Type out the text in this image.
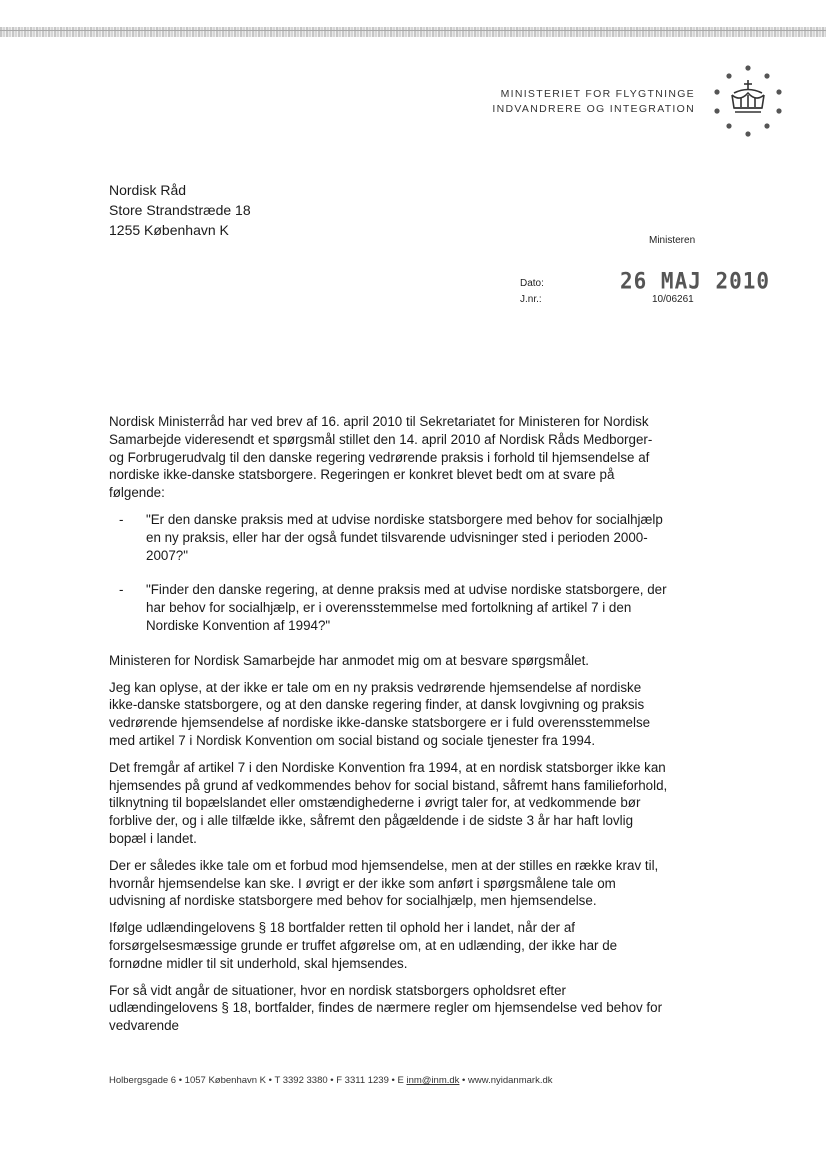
MINISTERIET FOR FLYGTNINGE
INDVANDRERE OG INTEGRATION
Nordisk Råd
Store Strandstræde 18
1255 København K
Ministeren
Dato:	26 MAJ 2010
J.nr.:	10/06261

Nordisk Ministerråd har ved brev af 16. april 2010 til Sekretariatet for Ministeren for Nordisk Samarbejde videresendt et spørgsmål stillet den 14. april 2010 af Nordisk Råds Medborger- og Forbrugerudvalg til den danske regering vedrørende praksis i forhold til hjemsendelse af nordiske ikke-danske statsborgere. Regeringen er konkret blevet bedt om at svare på følgende:

- "Er den danske praksis med at udvise nordiske statsborgere med behov for socialhjælp en ny praksis, eller har der også fundet tilsvarende udvisninger sted i perioden 2000-2007?"
- "Finder den danske regering, at denne praksis med at udvise nordiske statsborgere, der har behov for socialhjælp, er i overensstemmelse med fortolkning af artikel 7 i den Nordiske Konvention af 1994?"

Ministeren for Nordisk Samarbejde har anmodet mig om at besvare spørgsmålet.

Jeg kan oplyse, at der ikke er tale om en ny praksis vedrørende hjemsendelse af nordiske ikke-danske statsborgere, og at den danske regering finder, at dansk lovgivning og praksis vedrørende hjemsendelse af nordiske ikke-danske statsborgere er i fuld overensstemmelse med artikel 7 i Nordisk Konvention om social bistand og sociale tjenester fra 1994.

Det fremgår af artikel 7 i den Nordiske Konvention fra 1994, at en nordisk statsborger ikke kan hjemsendes på grund af vedkommendes behov for social bistand, såfremt hans familieforhold, tilknytning til bopælslandet eller omstændighederne i øvrigt taler for, at vedkommende bør forblive der, og i alle tilfælde ikke, såfremt den pågældende i de sidste 3 år har haft lovlig bopæl i landet.

Der er således ikke tale om et forbud mod hjemsendelse, men at der stilles en række krav til, hvornår hjemsendelse kan ske. I øvrigt er der ikke som anført i spørgsmålene tale om udvisning af nordiske statsborgere med behov for socialhjælp, men hjemsendelse.

Ifølge udlændingelovens § 18 bortfalder retten til ophold her i landet, når der af forsørgelsesmæssige grunde er truffet afgørelse om, at en udlænding, der ikke har de fornødne midler til sit underhold, skal hjemsendes.

For så vidt angår de situationer, hvor en nordisk statsborgers opholdsret efter udlændingelovens § 18, bortfalder, findes de nærmere regler om hjemsendelse ved behov for vedvarende

Holbergsgade 6 • 1057 København K • T 3392 3380 • F 3311 1239 • E inm@inm.dk • www.nyidanmark.dk
